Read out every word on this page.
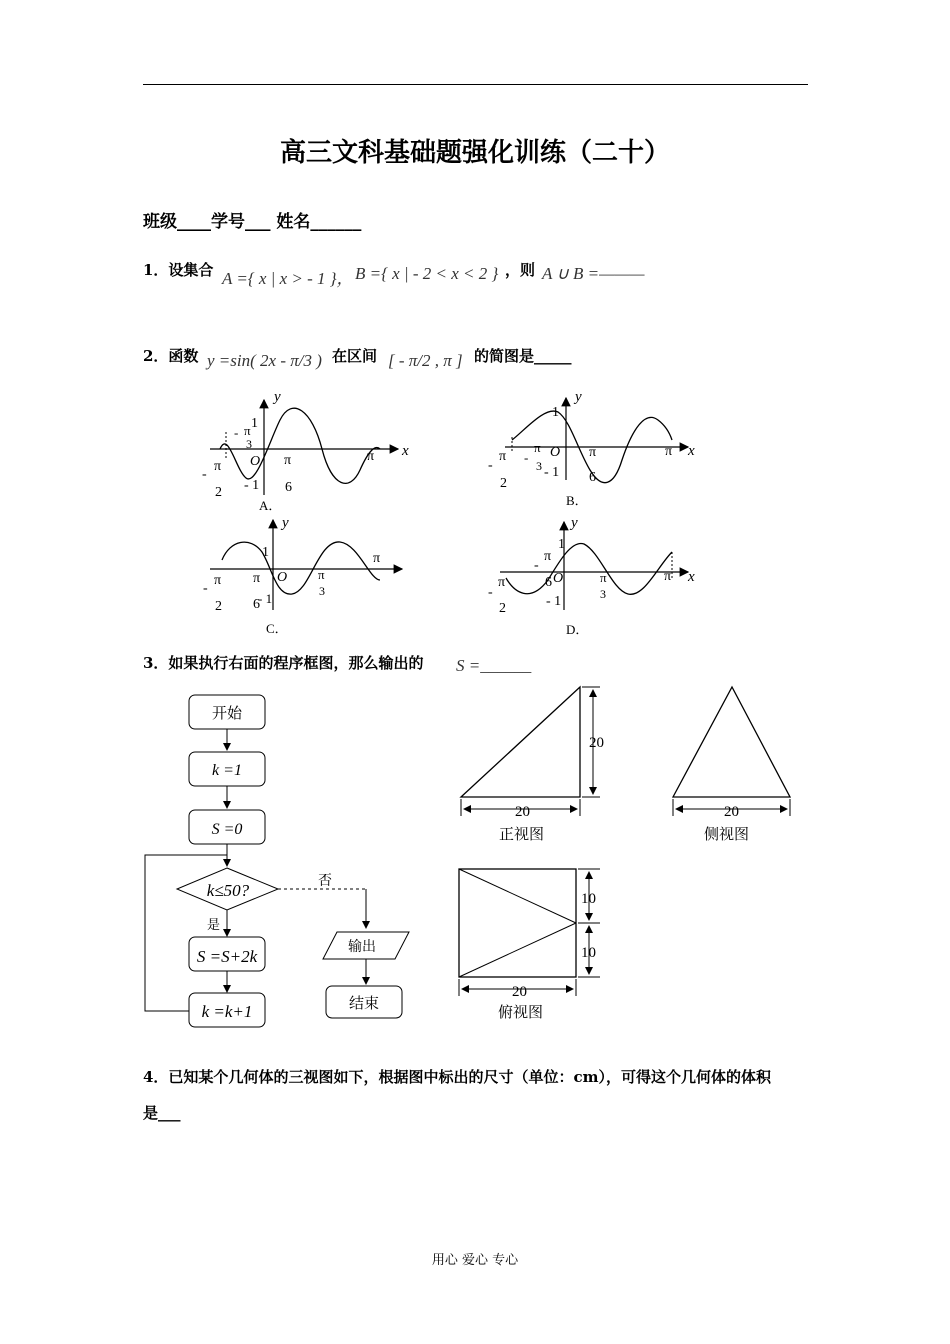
高三文科基础题强化训练（二十）
班级____学号___ 姓名______
1．设集合 A ={ x | x > - 1 }， B ={ x | - 2 < x < 2 } ，则 A ∪ B =———
2．函数 y =sin( 2x - π/3 ) 在区间 [ - π/2 , π ] 的简图是_____
y
x
1
π
3
-
O π
6
- 1
π
2
-
π
A．
y
x
1
π
3
- O π
6
- 1
π
2
-
π
B．
y
1
π
6
O π
3
π
2
-
- 1
π
C．
y
x
1
π
6 O	π
3
π
2
-
- 1
π
-
D．
3．如果执行右面的程序框图，那么输出的 S =______
开始
k =1
S =0
k≤50?	否
是
S =S+2k
k =k+1
输出
结束
20
20
正视图
20
侧视图
10
10
20
俯视图
4．已知某个几何体的三视图如下，根据图中标出的尺寸（单位：cm），可得这个几何体的体积
是___
用心 爱心 专心
